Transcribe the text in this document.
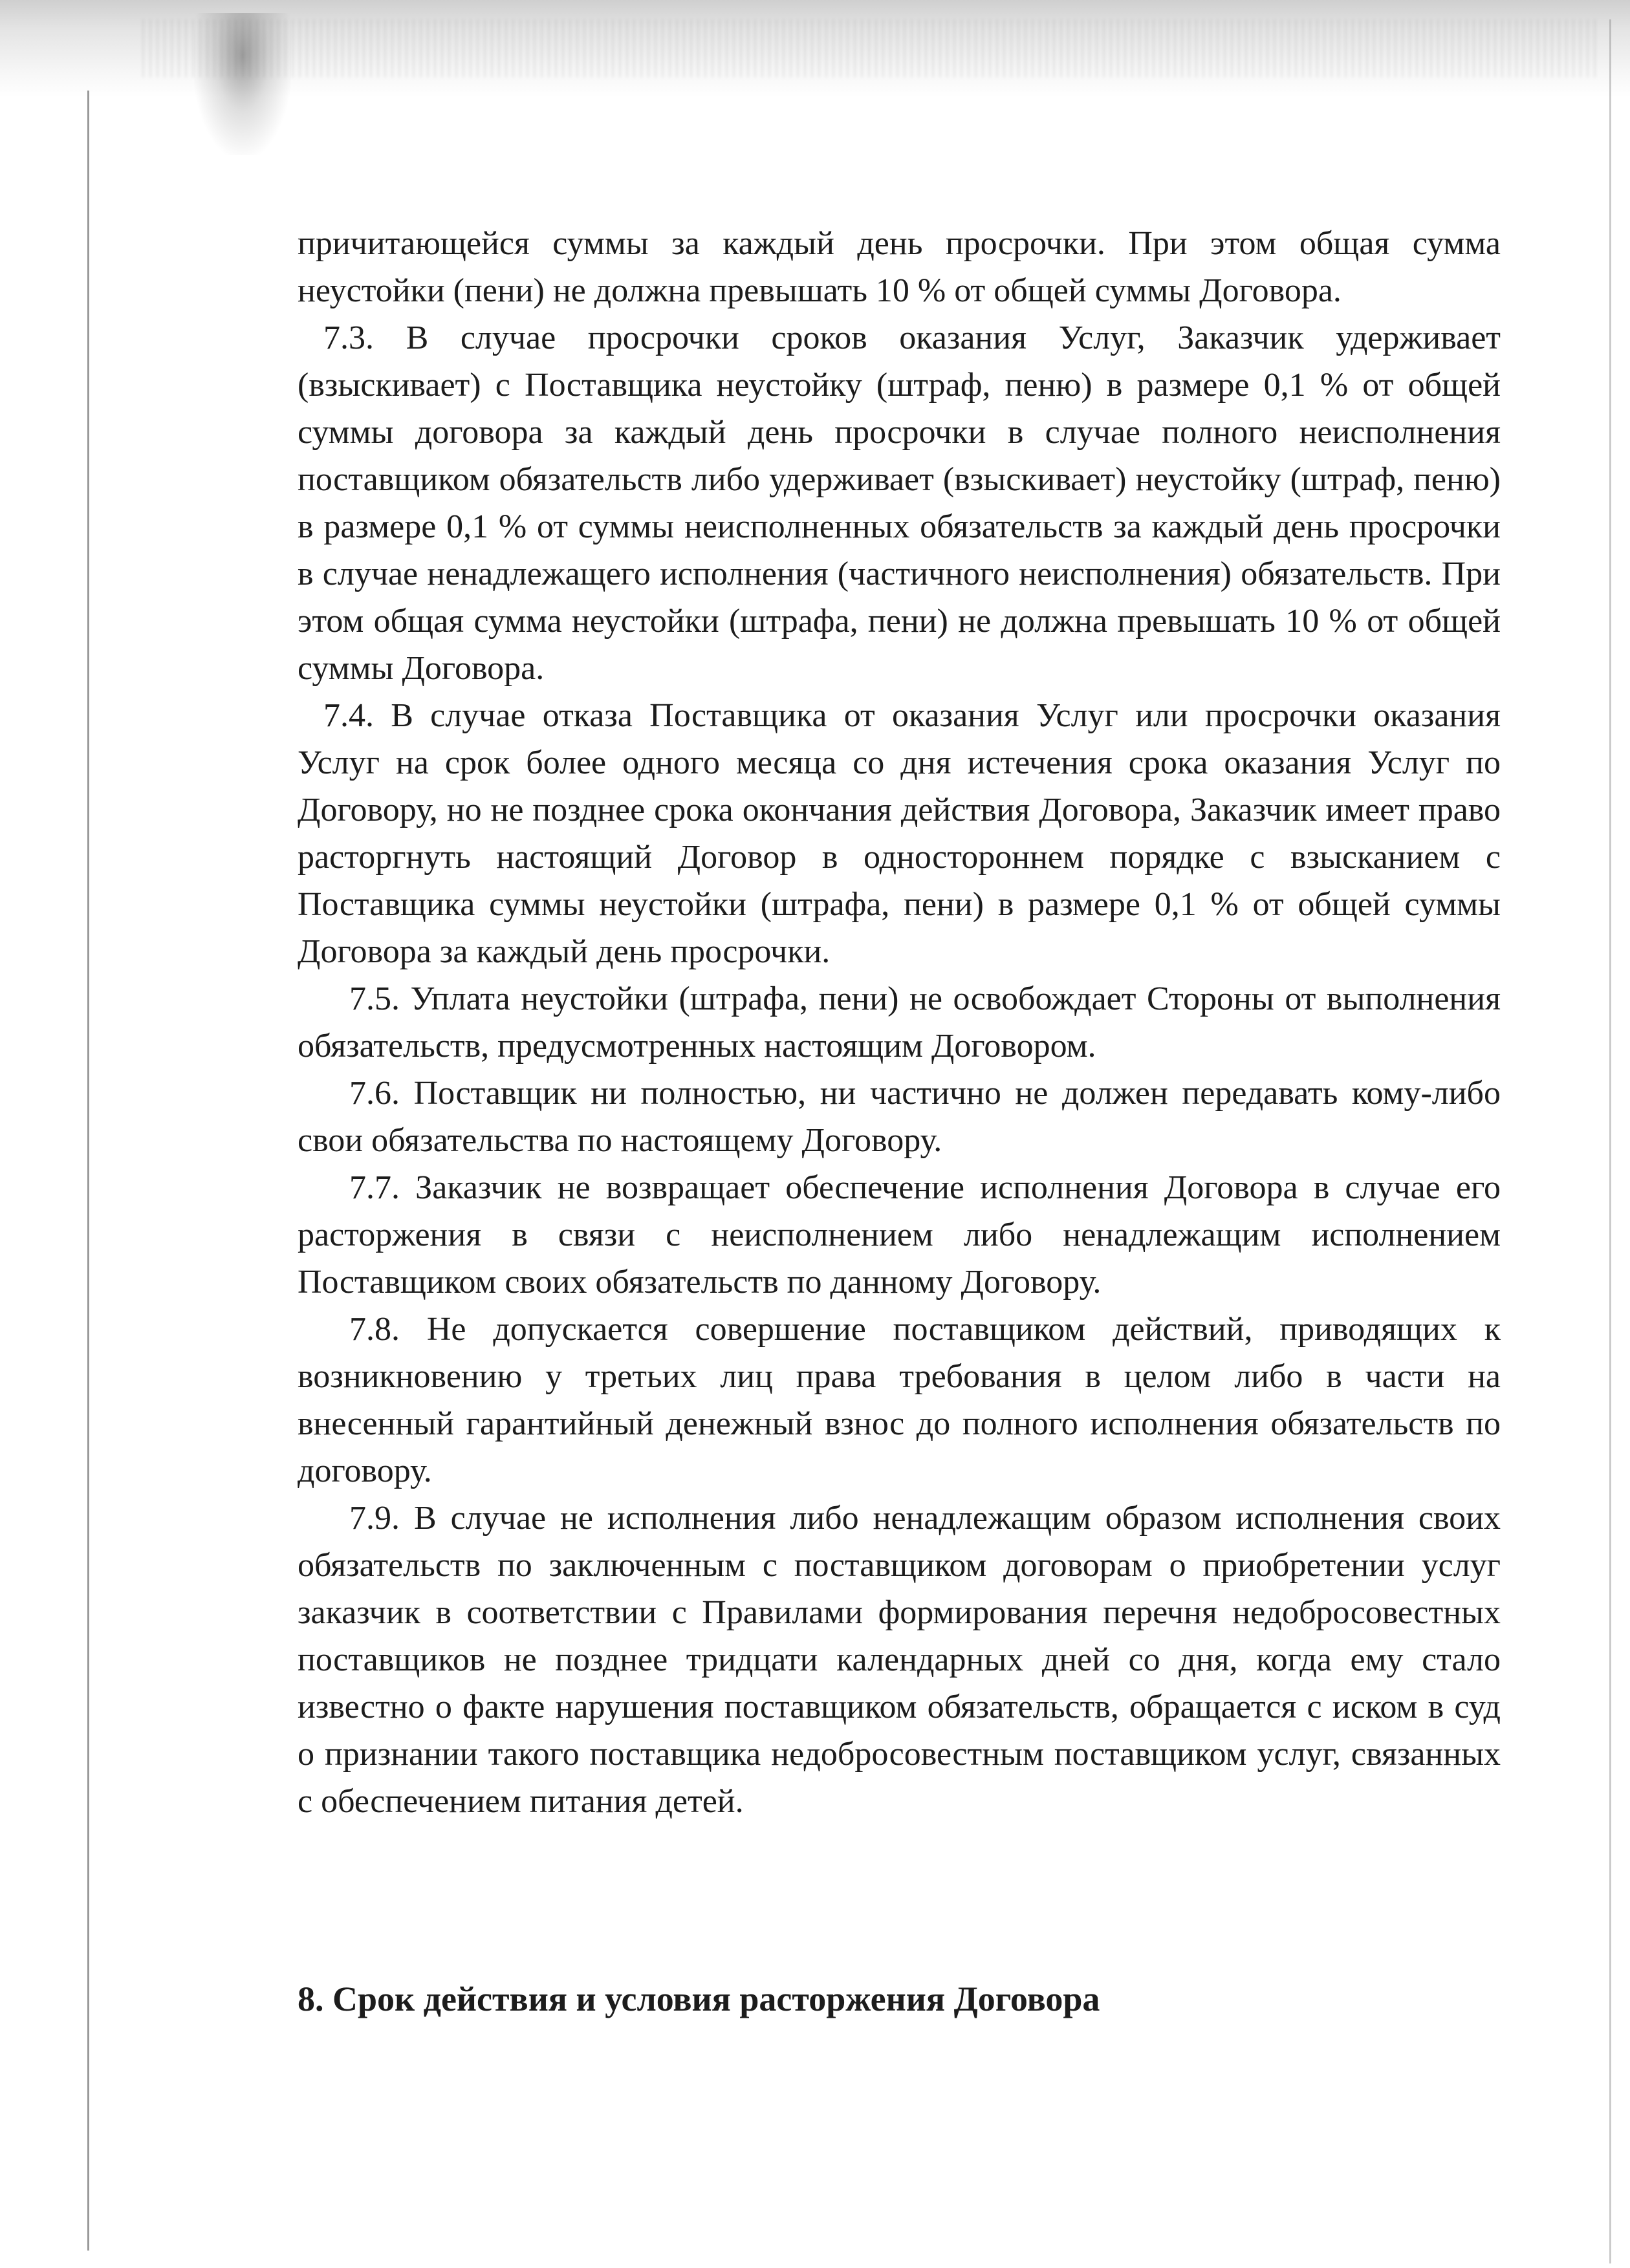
причитающейся суммы за каждый день просрочки. При этом общая сумма неустойки (пени) не должна превышать 10 % от общей суммы Договора.

7.3. В случае просрочки сроков оказания Услуг, Заказчик удерживает (взыскивает) с Поставщика неустойку (штраф, пеню) в размере 0,1 % от общей суммы договора за каждый день просрочки в случае полного неисполнения поставщиком обязательств либо удерживает (взыскивает) неустойку (штраф, пеню) в размере 0,1 % от суммы неисполненных обязательств за каждый день просрочки в случае ненадлежащего исполнения (частичного неисполнения) обязательств. При этом общая сумма неустойки (штрафа, пени) не должна превышать 10 % от общей суммы Договора.

7.4. В случае отказа Поставщика от оказания Услуг или просрочки оказания Услуг на срок более одного месяца со дня истечения срока оказания Услуг по Договору, но не позднее срока окончания действия Договора, Заказчик имеет право расторгнуть настоящий Договор в одностороннем порядке с взысканием с Поставщика суммы неустойки (штрафа, пени) в размере 0,1 % от общей суммы Договора за каждый день просрочки.

7.5. Уплата неустойки (штрафа, пени) не освобождает Стороны от выполнения обязательств, предусмотренных настоящим Договором.

7.6. Поставщик ни полностью, ни частично не должен передавать кому-либо свои обязательства по настоящему Договору.

7.7. Заказчик не возвращает обеспечение исполнения Договора в случае его расторжения в связи с неисполнением либо ненадлежащим исполнением Поставщиком своих обязательств по данному Договору.

7.8. Не допускается совершение поставщиком действий, приводящих к возникновению у третьих лиц права требования в целом либо в части на внесенный гарантийный денежный взнос до полного исполнения обязательств по договору.

7.9. В случае не исполнения либо ненадлежащим образом исполнения своих обязательств по заключенным с поставщиком договорам о приобретении услуг заказчик в соответствии с Правилами формирования перечня недобросовестных поставщиков не позднее тридцати календарных дней со дня, когда ему стало известно о факте нарушения поставщиком обязательств, обращается с иском в суд о признании такого поставщика недобросовестным поставщиком услуг, связанных с обеспечением питания детей.

8. Срок действия и условия расторжения Договора
